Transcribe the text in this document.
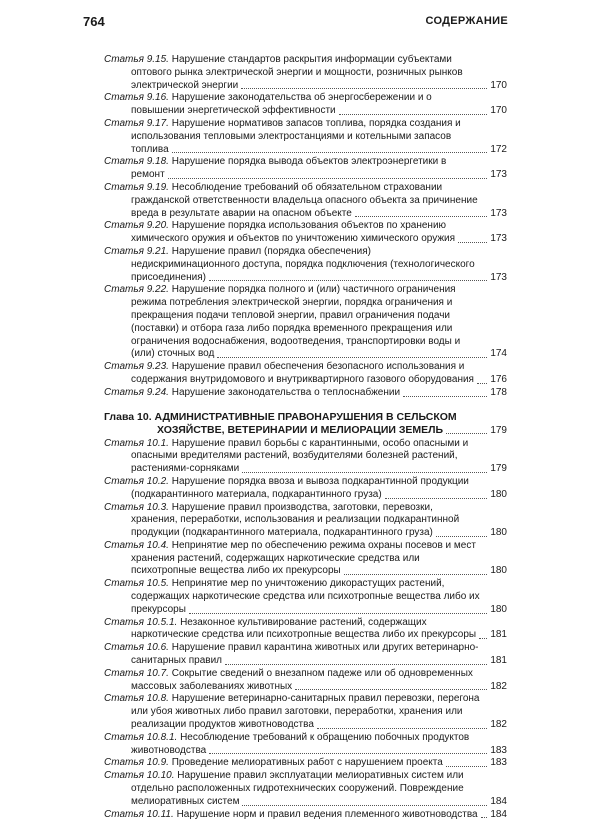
764	СОДЕРЖАНИЕ
Статья 9.15. Нарушение стандартов раскрытия информации субъектами оптового рынка электрической энергии и мощности, розничных рынков электрической энергии	170
Статья 9.16. Нарушение законодательства об энергосбережении и о повышении энергетической эффективности	170
Статья 9.17. Нарушение нормативов запасов топлива, порядка создания и использования тепловыми электростанциями и котельными запасов топлива	172
Статья 9.18. Нарушение порядка вывода объектов электроэнергетики в ремонт	173
Статья 9.19. Несоблюдение требований об обязательном страховании гражданской ответственности владельца опасного объекта за причинение вреда в результате аварии на опасном объекте	173
Статья 9.20. Нарушение порядка использования объектов по хранению химического оружия и объектов по уничтожению химического оружия	173
Статья 9.21. Нарушение правил (порядка обеспечения) недискриминационного доступа, порядка подключения (технологического присоединения)	173
Статья 9.22. Нарушение порядка полного и (или) частичного ограничения режима потребления электрической энергии, порядка ограничения и прекращения подачи тепловой энергии, правил ограничения подачи (поставки) и отбора газа либо порядка временного прекращения или ограничения водоснабжения, водоотведения, транспортировки воды и (или) сточных вод	174
Статья 9.23. Нарушение правил обеспечения безопасного использования и содержания внутридомового и внутриквартирного газового оборудования	176
Статья 9.24. Нарушение законодательства о теплоснабжении	178
Глава 10. АДМИНИСТРАТИВНЫЕ ПРАВОНАРУШЕНИЯ В СЕЛЬСКОМ ХОЗЯЙСТВЕ, ВЕТЕРИНАРИИ И МЕЛИОРАЦИИ ЗЕМЕЛЬ	179
Статья 10.1. Нарушение правил борьбы с карантинными, особо опасными и опасными вредителями растений, возбудителями болезней растений, растениями-сорняками	179
Статья 10.2. Нарушение порядка ввоза и вывоза подкарантинной продукции (подкарантинного материала, подкарантинного груза)	180
Статья 10.3. Нарушение правил производства, заготовки, перевозки, хранения, переработки, использования и реализации подкарантинной продукции (подкарантинного материала, подкарантинного груза)	180
Статья 10.4. Непринятие мер по обеспечению режима охраны посевов и мест хранения растений, содержащих наркотические средства или психотропные вещества либо их прекурсоры	180
Статья 10.5. Непринятие мер по уничтожению дикорастущих растений, содержащих наркотические средства или психотропные вещества либо их прекурсоры	180
Статья 10.5.1. Незаконное культивирование растений, содержащих наркотические средства или психотропные вещества либо их прекурсоры	181
Статья 10.6. Нарушение правил карантина животных или других ветеринарно-санитарных правил	181
Статья 10.7. Сокрытие сведений о внезапном падеже или об одновременных массовых заболеваниях животных	182
Статья 10.8. Нарушение ветеринарно-санитарных правил перевозки, перегона или убоя животных либо правил заготовки, переработки, хранения или реализации продуктов животноводства	182
Статья 10.8.1. Несоблюдение требований к обращению побочных продуктов животноводства	183
Статья 10.9. Проведение мелиоративных работ с нарушением проекта	183
Статья 10.10. Нарушение правил эксплуатации мелиоративных систем или отдельно расположенных гидротехнических сооружений. Повреждение мелиоративных систем	184
Статья 10.11. Нарушение норм и правил ведения племенного животноводства	184
